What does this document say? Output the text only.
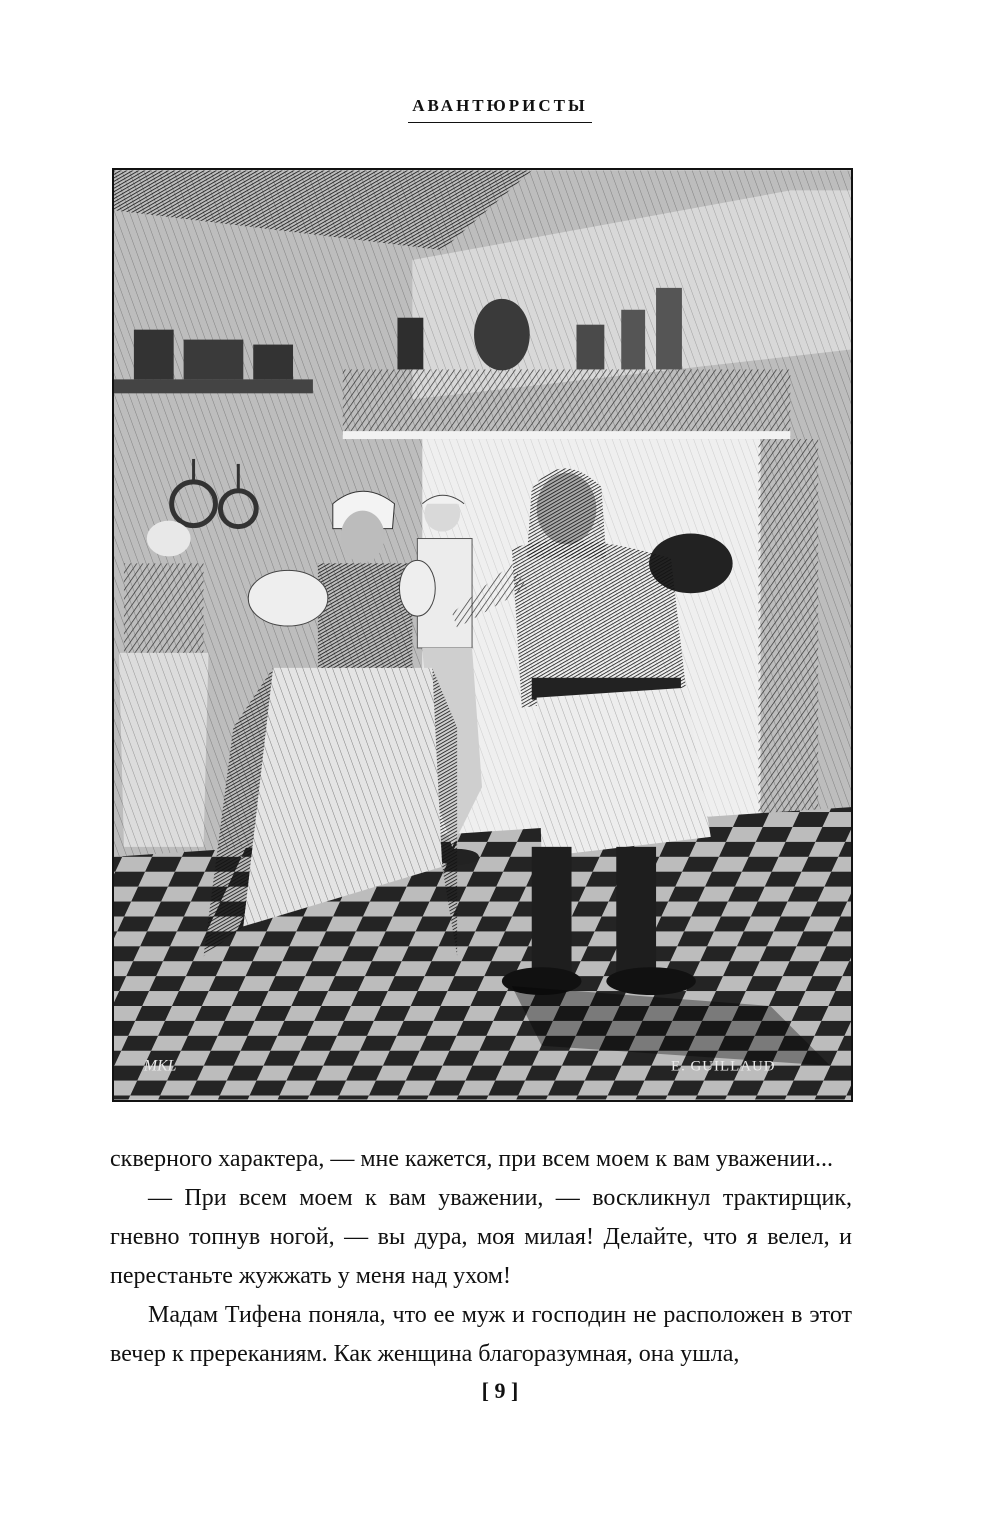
АВАНТЮРИСТЫ
MKL	E. GUILLAUD

скверного характера, — мне кажется, при всем моем к вам уважении...

— При всем моем к вам уважении, — воскликнул трактирщик, гневно топнув ногой, — вы дура, моя милая! Делайте, что я велел, и перестаньте жужжать у меня над ухом!

Мадам Тифена поняла, что ее муж и господин не расположен в этот вечер к пререканиям. Как женщина благоразумная, она ушла,

[ 9 ]
